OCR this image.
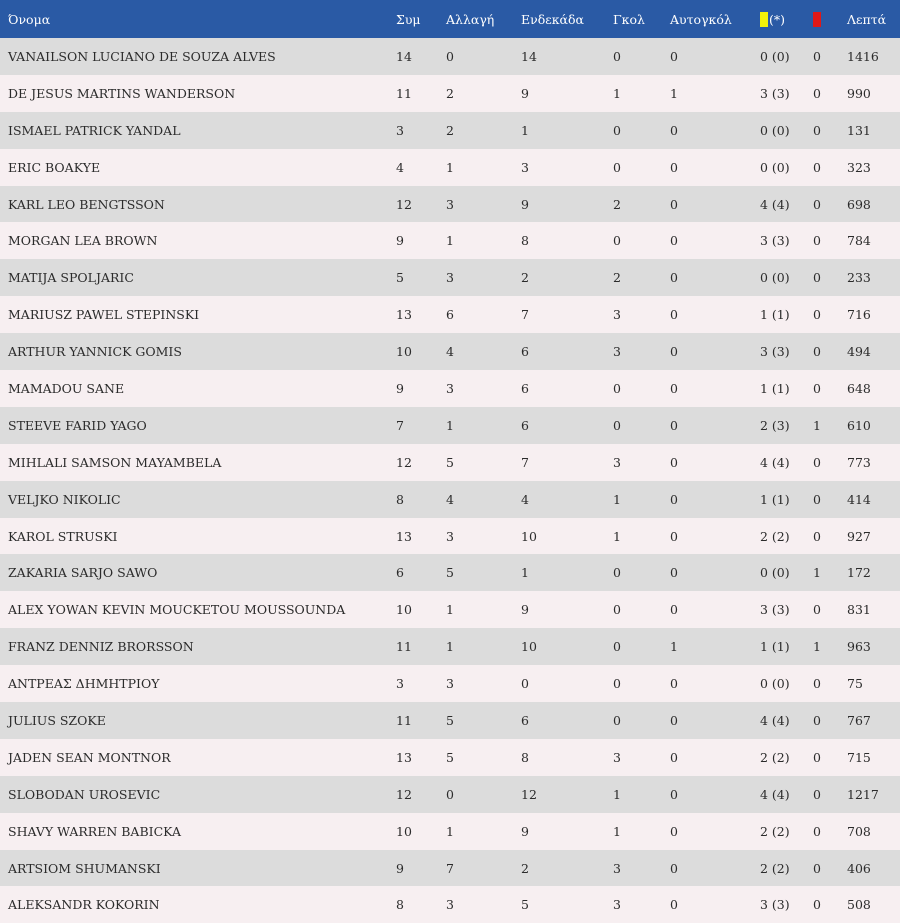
Όνομα	Συμ	Αλλαγή	Ενδεκάδα	Γκολ	Αυτογκόλ	(*)		Λεπτά
VANAILSON LUCIANO DE SOUZA ALVES	14	0	14	0	0	0 (0)	0	1416
DE JESUS MARTINS WANDERSON	11	2	9	1	1	3 (3)	0	990
ISMAEL PATRICK YANDAL	3	2	1	0	0	0 (0)	0	131
ERIC BOAKYE	4	1	3	0	0	0 (0)	0	323
KARL LEO BENGTSSON	12	3	9	2	0	4 (4)	0	698
MORGAN LEA BROWN	9	1	8	0	0	3 (3)	0	784
MATIJA SPOLJARIC	5	3	2	2	0	0 (0)	0	233
MARIUSZ PAWEL STEPINSKI	13	6	7	3	0	1 (1)	0	716
ARTHUR YANNICK GOMIS	10	4	6	3	0	3 (3)	0	494
MAMADOU SANE	9	3	6	0	0	1 (1)	0	648
STEEVE FARID YAGO	7	1	6	0	0	2 (3)	1	610
MIHLALI SAMSON MAYAMBELA	12	5	7	3	0	4 (4)	0	773
VELJKO NIKOLIC	8	4	4	1	0	1 (1)	0	414
KAROL STRUSKI	13	3	10	1	0	2 (2)	0	927
ZAKARIA SARJO SAWO	6	5	1	0	0	0 (0)	1	172
ALEX YOWAN KEVIN MOUCKETOU MOUSSOUNDA	10	1	9	0	0	3 (3)	0	831
FRANZ DENNIZ BRORSSON	11	1	10	0	1	1 (1)	1	963
ΑΝΤΡΕΑΣ ΔΗΜΗΤΡΙΟΥ	3	3	0	0	0	0 (0)	0	75
JULIUS SZOKE	11	5	6	0	0	4 (4)	0	767
JADEN SEAN MONTNOR	13	5	8	3	0	2 (2)	0	715
SLOBODAN UROSEVIC	12	0	12	1	0	4 (4)	0	1217
SHAVY WARREN BABICKA	10	1	9	1	0	2 (2)	0	708
ARTSIOM SHUMANSKI	9	7	2	3	0	2 (2)	0	406
ALEKSANDR KOKORIN	8	3	5	3	0	3 (3)	0	508
